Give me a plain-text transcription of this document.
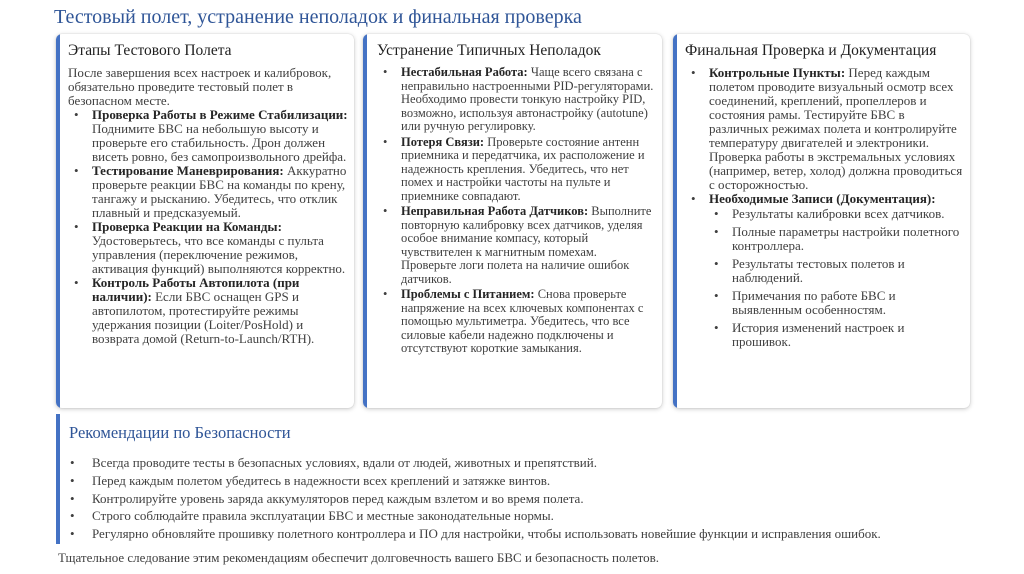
Тестовый полет, устранение неполадок и финальная проверка
Этапы Тестового Полета

После завершения всех настроек и калибровок, обязательно проведите тестовый полет в безопасном месте.

• Проверка Работы в Режиме Стабилизации: Поднимите БВС на небольшую высоту и проверьте его стабильность. Дрон должен висеть ровно, без самопроизвольного дрейфа.
• Тестирование Маневрирования: Аккуратно проверьте реакции БВС на команды по крену, тангажу и рысканию. Убедитесь, что отклик плавный и предсказуемый.
• Проверка Реакции на Команды: Удостоверьтесь, что все команды с пульта управления (переключение режимов, активация функций) выполняются корректно.
• Контроль Работы Автопилота (при наличии): Если БВС оснащен GPS и автопилотом, протестируйте режимы удержания позиции (Loiter/PosHold) и возврата домой (Return-to-Launch/RTH).
Устранение Типичных Неполадок
• Нестабильная Работа: Чаще всего связана с неправильно настроенными PID-регуляторами. Необходимо провести тонкую настройку PID, возможно, используя автонастройку (autotune) или ручную регулировку.
• Потеря Связи: Проверьте состояние антенн приемника и передатчика, их расположение и надежность крепления. Убедитесь, что нет помех и настройки частоты на пульте и приемнике совпадают.
• Неправильная Работа Датчиков: Выполните повторную калибровку всех датчиков, уделяя особое внимание компасу, который чувствителен к магнитным помехам. Проверьте логи полета на наличие ошибок датчиков.
• Проблемы с Питанием: Снова проверьте напряжение на всех ключевых компонентах с помощью мультиметра. Убедитесь, что все силовые кабели надежно подключены и отсутствуют короткие замыкания.
Финальная Проверка и Документация
• Контрольные Пункты: Перед каждым полетом проводите визуальный осмотр всех соединений, креплений, пропеллеров и состояния рамы. Тестируйте БВС в различных режимах полета и контролируйте температуру двигателей и электроники. Проверка работы в экстремальных условиях (например, ветер, холод) должна проводиться с осторожностью.
• Необходимые Записи (Документация):
• Результаты калибровки всех датчиков.
• Полные параметры настройки полетного контроллера.
• Результаты тестовых полетов и наблюдений.
• Примечания по работе БВС и выявленным особенностям.
• История изменений настроек и прошивок.
Рекомендации по Безопасности
• Всегда проводите тесты в безопасных условиях, вдали от людей, животных и препятствий.
• Перед каждым полетом убедитесь в надежности всех креплений и затяжке винтов.
• Контролируйте уровень заряда аккумуляторов перед каждым взлетом и во время полета.
• Строго соблюдайте правила эксплуатации БВС и местные законодательные нормы.
• Регулярно обновляйте прошивку полетного контроллера и ПО для настройки, чтобы использовать новейшие функции и исправления ошибок.
Тщательное следование этим рекомендациям обеспечит долговечность вашего БВС и безопасность полетов.
